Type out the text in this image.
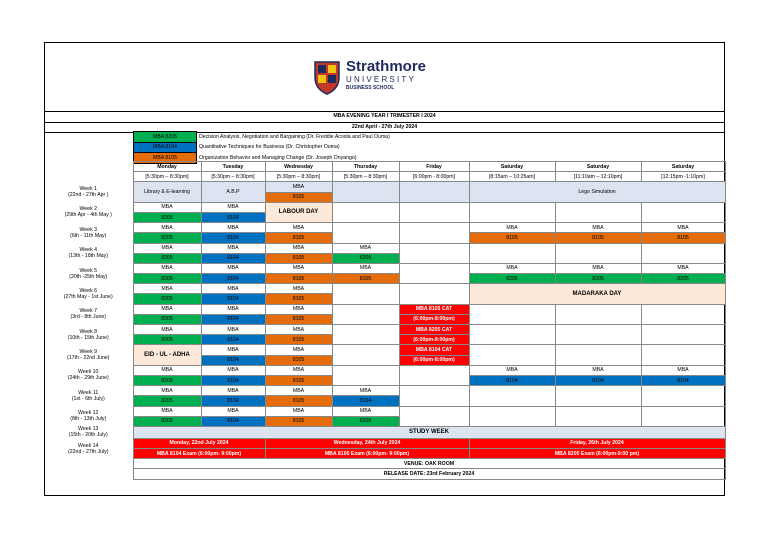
Strathmore
UNIVERSITY
BUSINESS SCHOOL
MBA EVENING YEAR I TRIMESTER I 2024
22nd April - 27th July 2024
MBA 8205	Decision Analysis, Negotiation and Bargaining (Dr. Freddie Acosta and Paul Ouma)
MBA 8104	Quantitative Techniques for Business (Dr. Christopher Ouma)
MBA 8105	Organization Behavior and Managing Change (Dr. Joseph Onyango)
	Monday	Tuesday	Wednesday	Thursday	Friday	Saturday	Saturday	Saturday
	[5:30pm – 8:30pm]	[5:30pm – 8:30pm]	[5:30pm – 8:30pm]	[5:30pm – 8:30pm]	[6:00pm - 8:00pm]	[8:15am – 10:25am]	[11:10am – 12:10pm]	[12:15pm -1:10pm]
Week 1
(22nd - 27th Apr )	Library & E-learning	A.B.P	MBA			Lego Simulation		
			8105					
Week 2
(29th Apr - 4th May )	MBA	MBA	LABOUR DAY					
	8205	8104						
Week 3
(6th - 11th May)	MBA	MBA	MBA			MBA	MBA	MBA
	8205	8104	8105			8105	8105	8105
Week 4
(13th - 18th May)	MBA	MBA	MBA	MBA				
	8205	8104	8105	8205				
Week 5
(20th -25th May)	MBA	MBA	MBA	MBA		MBA	MBA	MBA
	8205	8104	8105	8105		8205	8205	8205
Week 6
(27th May - 1st June)	MBA	MBA	MBA			MADARAKA DAY		
	8205	8104	8105					
Week 7
(3rd - 8th June)	MBA	MBA	MBA		MBA 8105 CAT			
	8205	8104	8105		(6:00pm-8:00pm)			
Week 8
(10th - 15th June)	MBA	MBA	MBA		MBA 8205 CAT			
	8205	8104	8105		(6:00pm-8:00pm)			
Week 9
(17th - 22nd June)	EID - UL - ADHA	MBA	MBA		MBA 8104 CAT			
		8104	8105		(6:00pm-8:00pm)			
Week 10
(24th - 29th June)	MBA	MBA	MBA			MBA	MBA	MBA
	8205	8104	8105			8104	8104	8104
Week 11
(1st - 6th July)	MBA	MBA	MBA	MBA				
	8205	8104	8105	8104				
Week 12
(8th - 13th July)	MBA	MBA	MBA	MBA				
	8205	8104	8105	8205				
Week 13
(15th - 20th July)	STUDY WEEK							

Week 14
(22nd - 27th July)	Monday, 22nd July 2024		Wednesday, 24th July 2024			Friday, 26th July 2024		
	MBA 8104 Exam (6:00pm- 9:00pm)		MBA 8105 Exam (6:00pm- 9:00pm)			MBA 8205 Exam (6:00pm-9:00 pm)		
	VENUE: OAK ROOM							
	RELEASE DATE: 23rd February 2024							
